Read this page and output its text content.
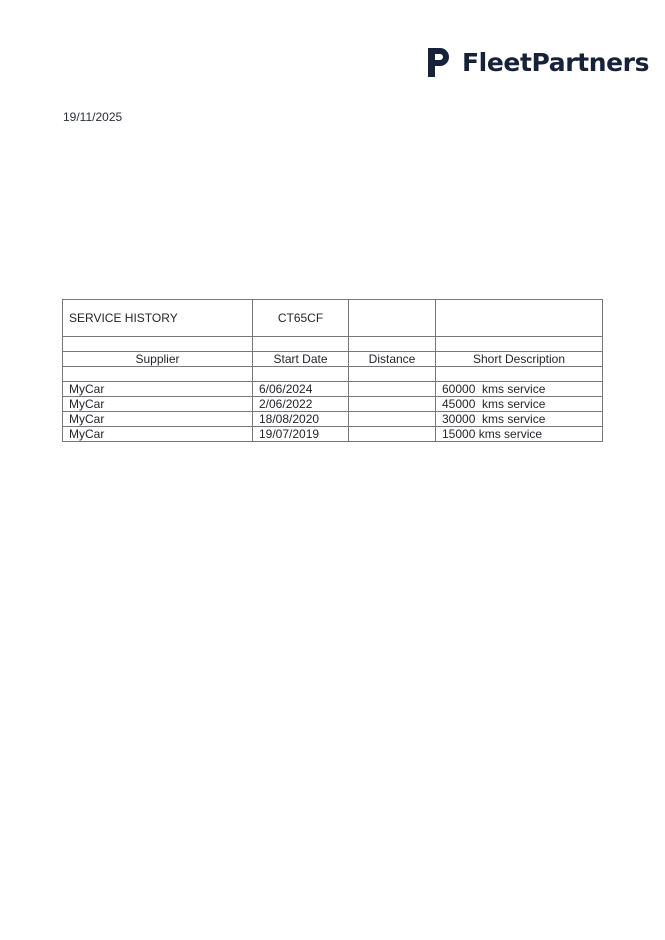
FleetPartners
19/11/2025
SERVICE HISTORY	CT65CF		

Supplier	Start Date	Distance	Short Description

MyCar	6/06/2024		60000  kms service
MyCar	2/06/2022		45000  kms service
MyCar	18/08/2020		30000  kms service
MyCar	19/07/2019		15000 kms service
